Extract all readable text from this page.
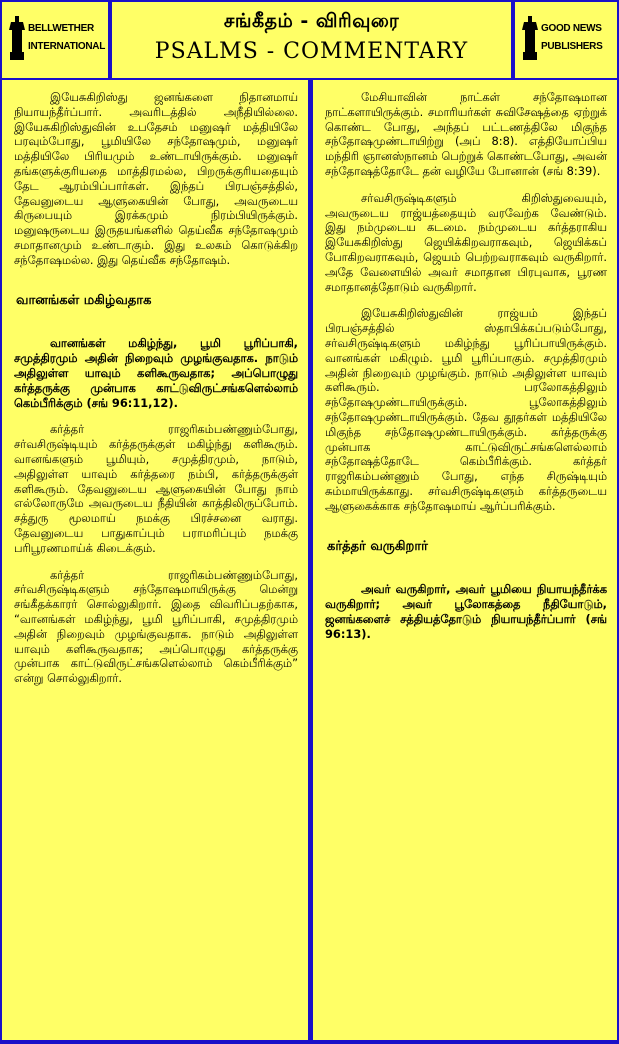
BELLWETHER
INTERNATIONAL
சங்கீதம் - விரிவுரை
PSALMS - COMMENTARY
GOOD NEWS
PUBLISHERS

இயேசுகிறிஸ்து ஜனங்களை நிதானமாய் நியாயந்தீர்ப்பார். அவரிடத்தில் அநீதியில்லை. இயேசுகிறிஸ்துவின் உபதேசம் மனுஷர் மத்தியிலே பரவும்போது, பூமியிலே சந்தோஷமும், மனுஷர் மத்தியிலே பிரியமும் உண்டாயிருக்கும். மனுஷர் தங்களுக்குரியதை மாத்திரமல்ல, பிறருக்குரியதையும் தேட ஆரம்பிப்பார்கள். இந்தப் பிரபஞ்சத்தில், தேவனுடைய ஆளுகையின் போது, அவருடைய கிருபையும் இரக்கமும் நிரம்பியிருக்கும். மனுஷருடைய இருதயங்களில் தெய்வீக சந்தோஷமும் சமாதானமும் உண்டாகும். இது உலகம் கொடுக்கிற சந்தோஷமல்ல. இது தெய்வீக சந்தோஷம்.

வானங்கள் மகிழ்வதாக

வானங்கள் மகிழ்ந்து, பூமி பூரிப்பாகி, சமுத்திரமும் அதின் நிறைவும் முழங்குவதாக. நாடும் அதிலுள்ள யாவும் களிகூருவதாக; அப்பொழுது கர்த்தருக்கு முன்பாக காட்டுவிருட்சங்களெல்லாம் கெம்பீரிக்கும் (சங் 96:11,12).

கர்த்தர் ராஜரிகம்பண்ணும்போது, சர்வசிருஷ்டியும் கர்த்தருக்குள் மகிழ்ந்து களிகூரும். வானங்களும் பூமியும், சமுத்திரமும், நாடும், அதிலுள்ள யாவும் கர்த்தரை நம்பி, கர்த்தருக்குள் களிகூரும். தேவனுடைய ஆளுகையின் போது நாம் எல்லோருமே அவருடைய நீதியின் காத்திலிருப்போம். சத்துரு மூலமாய் நமக்கு பிரச்சனை வராது. தேவனுடைய பாதுகாப்பும் பராமரிப்பும் நமக்கு பரிபூரணமாய்க் கிடைக்கும்.

கர்த்தர் ராஜரிகம்பண்ணும்போது, சர்வசிருஷ்டிகளும் சந்தோஷமாயிருக்கு மென்று சங்கீதக்காரர் சொல்லுகிறார். இதை விவரிப்பதற்காக, “வானங்கள் மகிழ்ந்து, பூமி பூரிப்பாகி, சமுத்திரமும் அதின் நிறைவும் முழங்குவதாக. நாடும் அதிலுள்ள யாவும் களிகூருவதாக; அப்பொழுது கர்த்தருக்கு முன்பாக காட்டுவிருட்சங்களெல்லாம் கெம்பீரிக்கும்” என்று சொல்லுகிறார்.

மேசியாவின் நாட்கள் சந்தோஷமான நாட்களாயிருக்கும். சமாரியர்கள் சுவிசேஷத்தை ஏற்றுக் கொண்ட போது, அந்தப் பட்டணத்திலே மிகுந்த சந்தோஷமுண்டாயிற்று (அப் 8:8). எத்தியோப்பிய மந்திரி ஞானஸ்நானம் பெற்றுக் கொண்டபோது, அவன் சந்தோஷத்தோடே தன் வழியே போனான் (சங் 8:39).

சர்வசிருஷ்டிகளும் கிறிஸ்துவையும், அவருடைய ராஜ்யத்தையும் வரவேற்க வேண்டும். இது நம்முடைய கடமை. நம்முடைய கர்த்தராகிய இயேசுகிறிஸ்து ஜெயிக்கிறவராகவும், ஜெயிக்கப் போகிறவராகவும், ஜெயம் பெற்றவராகவும் வருகிறார். அதே வேளையில் அவர் சமாதான பிரபுவாக, பூரண சமாதானத்தோடும் வருகிறார்.

இயேசுகிறிஸ்துவின் ராஜ்யம் இந்தப் பிரபஞ்சத்தில் ஸ்தாபிக்கப்படும்போது, சர்வசிருஷ்டிகளும் மகிழ்ந்து பூரிப்பாயிருக்கும். வானங்கள் மகிழும். பூமி பூரிப்பாகும். சமுத்திரமும் அதின் நிறைவும் முழங்கும். நாடும் அதிலுள்ள யாவும் களிகூரும். பரலோகத்திலும் சந்தோஷமுண்டாயிருக்கும். பூலோகத்திலும் சந்தோஷமுண்டாயிருக்கும். தேவ தூதர்கள் மத்தியிலே மிகுந்த சந்தோஷமுண்டாயிருக்கும். கர்த்தருக்கு முன்பாக காட்டுவிருட்சங்களெல்லாம் சந்தோஷத்தோடே கெம்பீரிக்கும். கர்த்தர் ராஜரிகம்பண்ணும் போது, எந்த சிருஷ்டியும் சும்மாயிருக்காது. சர்வசிருஷ்டிகளும் கர்த்தருடைய ஆளுகைக்காக சந்தோஷமாய் ஆர்ப்பரிக்கும்.

கர்த்தர் வருகிறார்

அவர் வருகிறார், அவர் பூமியை நியாயந்தீர்க்க வருகிறார்; அவர் பூலோகத்தை நீதியோடும், ஜனங்களைச் சத்தியத்தோடும் நியாயந்தீர்ப்பார் (சங் 96:13).
